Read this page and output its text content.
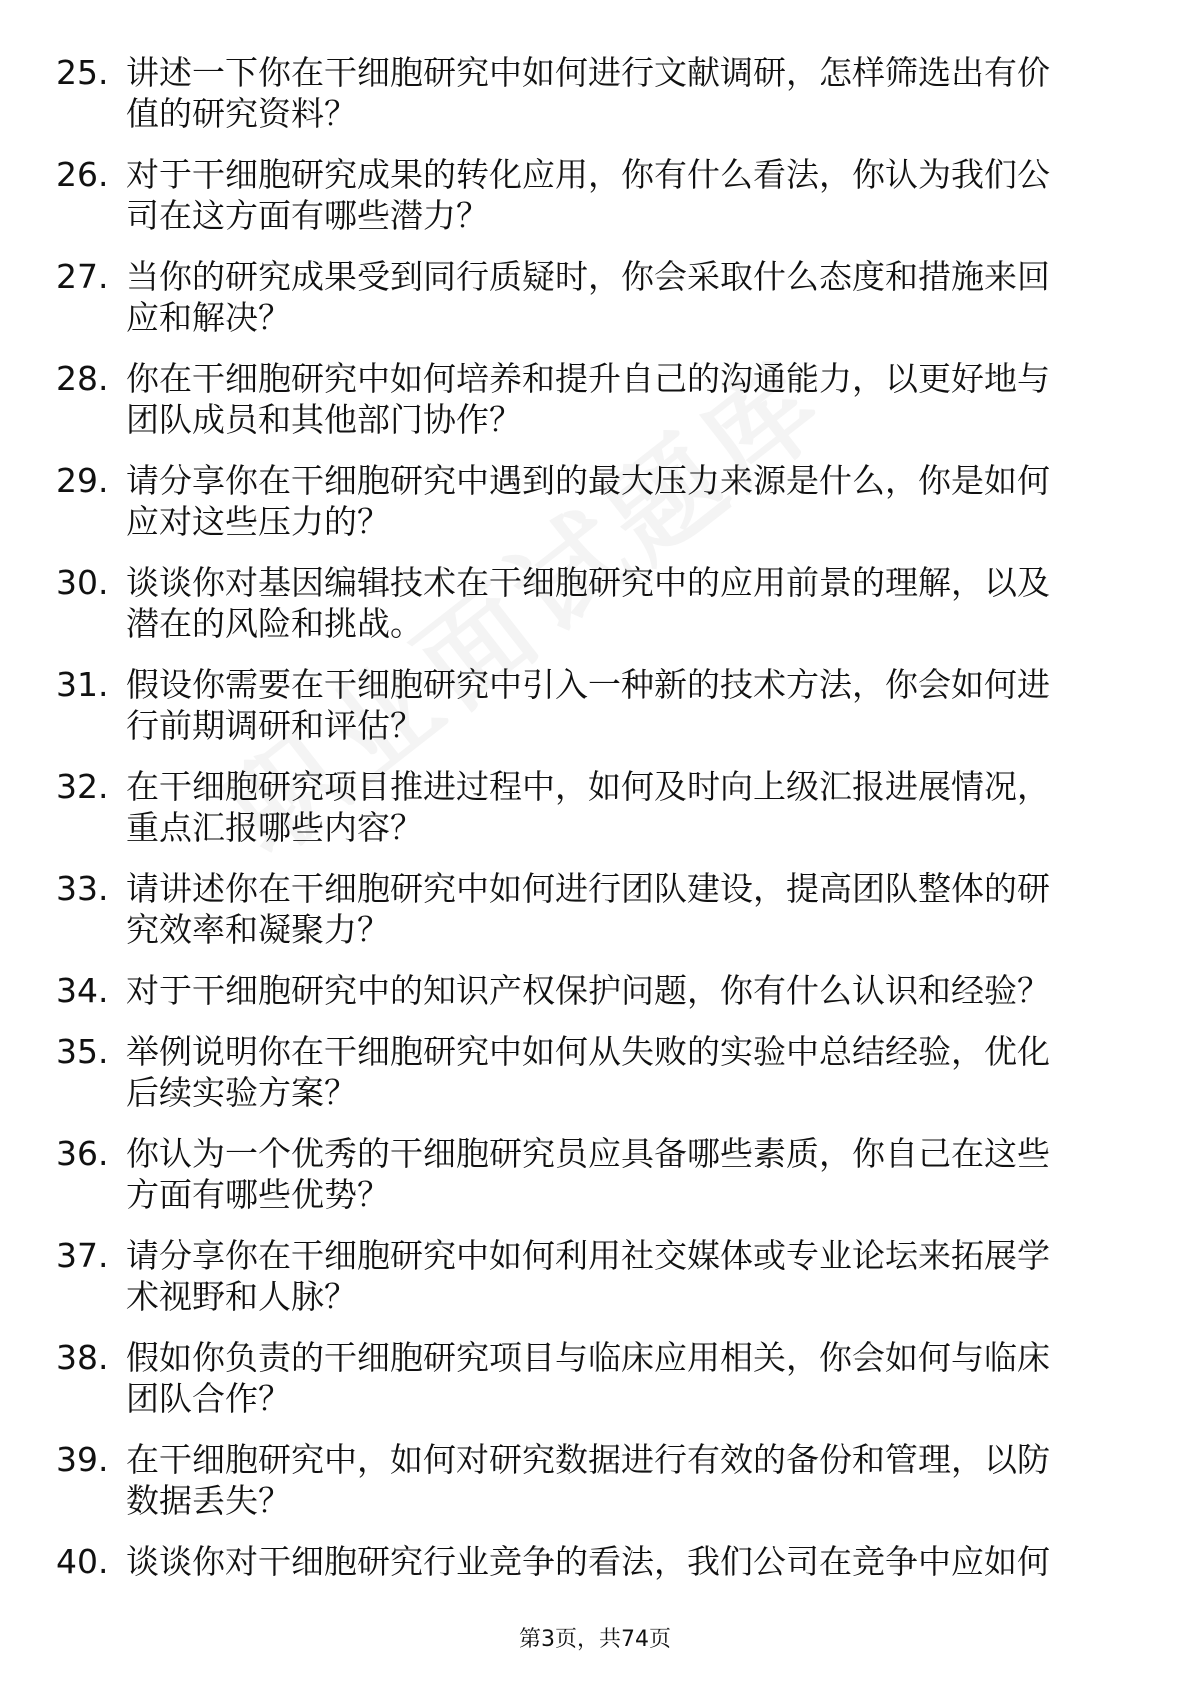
25. 讲述一下你在干细胞研究中如何进行文献调研，怎样筛选出有价
值的研究资料？
26. 对于干细胞研究成果的转化应用，你有什么看法，你认为我们公
司在这方面有哪些潜力？
27. 当你的研究成果受到同行质疑时，你会采取什么态度和措施来回
应和解决？
28. 你在干细胞研究中如何培养和提升自己的沟通能力，以更好地与
团队成员和其他部门协作？
29. 请分享你在干细胞研究中遇到的最大压力来源是什么，你是如何
应对这些压力的？
30. 谈谈你对基因编辑技术在干细胞研究中的应用前景的理解，以及
潜在的风险和挑战。
31. 假设你需要在干细胞研究中引入一种新的技术方法，你会如何进
行前期调研和评估？
32. 在干细胞研究项目推进过程中，如何及时向上级汇报进展情况，
重点汇报哪些内容？
33. 请讲述你在干细胞研究中如何进行团队建设，提高团队整体的研
究效率和凝聚力？
34. 对于干细胞研究中的知识产权保护问题，你有什么认识和经验？
35. 举例说明你在干细胞研究中如何从失败的实验中总结经验，优化
后续实验方案？
36. 你认为一个优秀的干细胞研究员应具备哪些素质，你自己在这些
方面有哪些优势？
37. 请分享你在干细胞研究中如何利用社交媒体或专业论坛来拓展学
术视野和人脉？
38. 假如你负责的干细胞研究项目与临床应用相关，你会如何与临床
团队合作？
39. 在干细胞研究中，如何对研究数据进行有效的备份和管理，以防
数据丢失？
40. 谈谈你对干细胞研究行业竞争的看法，我们公司在竞争中应如何
第3页，共74页
